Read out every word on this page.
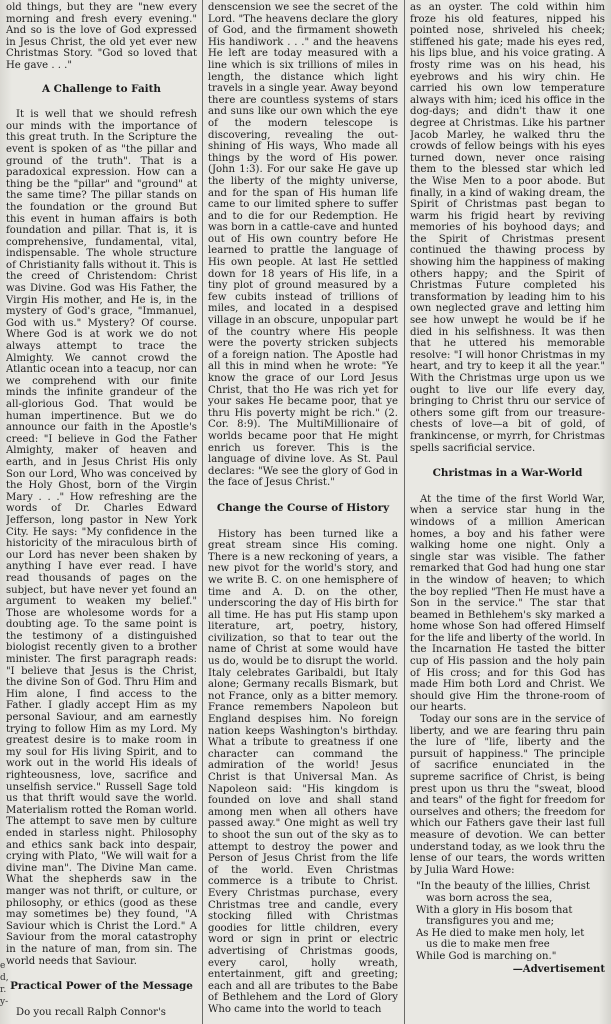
e
d,
r.
y-

old things, but they are "new every morning and fresh every evening." And so is the love of God expressed in Jesus Christ, the old yet ever new Christmas Story. "God so loved that He gave . . ."

A Challenge to Faith

It is well that we should refresh our minds with the importance of this great truth. In the Scripture the event is spoken of as "the pillar and ground of the truth". That is a paradoxical expression. How can a thing be the "pillar" and "ground" at the same time? The pillar stands on the foundation or the ground But this event in human affairs is both foundation and pillar. That is, it is comprehensive, fundamental, vital, indispensable. The whole structure of Christianity falls without it. This is the creed of Christendom: Christ was Divine. God was His Father, the Virgin His mother, and He is, in the mystery of God's grace, "Immanuel, God with us." Mystery? Of course. Where God is at work we do not always attempt to trace the Almighty. We cannot crowd the Atlantic ocean into a teacup, nor can we comprehend with our finite minds the infinite grandeur of the all-glorious God. That would be human impertinence. But we do announce our faith in the Apostle's creed: "I believe in God the Father Almighty, maker of heaven and earth, and in Jesus Christ His only Son our Lord, Who was conceived by the Holy Ghost, born of the Virgin Mary . . ." How refreshing are the words of Dr. Charles Edward Jefferson, long pastor in New York City. He says: "My confidence in the historicity of the miraculous birth of our Lord has never been shaken by anything I have ever read. I have read thousands of pages on the subject, but have never yet found an argument to weaken my belief." Those are wholesome words for a doubting age. To the same point is the testimony of a distinguished biologist recently given to a brother minister. The first paragraph reads: "I believe that Jesus is the Christ, the divine Son of God. Thru Him and Him alone, I find access to the Father. I gladly accept Him as my personal Saviour, and am earnestly trying to follow Him as my Lord. My greatest desire is to make room in my soul for His living Spirit, and to work out in the world His ideals of righteousness, love, sacrifice and unselfish service." Russell Sage told us that thrift would save the world. Materialism rotted the Roman world. The attempt to save men by culture ended in starless night. Philosophy and ethics sank back into despair, crying with Plato, "We will wait for a divine man". The Divine Man came. What the shepherds saw in the manger was not thrift, or culture, or philosophy, or ethics (good as these may sometimes be) they found, "A Saviour which is Christ the Lord." A Saviour from the moral catastrophy in the nature of man, from sin. The world needs that Saviour.

Practical Power of the Message

Do you recall Ralph Connor's

denscension we see the secret of the Lord. "The heavens declare the glory of God, and the firmament showeth His handiwork . . ." and the heavens He left are today measured with a line which is six trillions of miles in length, the distance which light travels in a single year. Away beyond there are countless systems of stars and suns like our own which the eye of the modern telescope is discovering, revealing the out-shining of His ways, Who made all things by the word of His power. (John 1:3). For our sake He gave up the liberty of the mighty universe, and for the span of His human life came to our limited sphere to suffer and to die for our Redemption. He was born in a cattle-cave and hunted out of His own country before He learned to prattle the language of His own people. At last He settled down for 18 years of His life, in a tiny plot of ground measured by a few cubits instead of trillions of miles, and located in a despised village in an obscure, unpopular part of the country where His people were the poverty stricken subjects of a foreign nation. The Apostle had all this in mind when he wrote: "Ye know the grace of our Lord Jesus Christ, that tho He was rich yet for your sakes He became poor, that ye thru His poverty might be rich." (2. Cor. 8:9). The MultiMillionaire of worlds became poor that He might enrich us forever. This is the language of divine love. As St. Paul declares: "We see the glory of God in the face of Jesus Christ."

Change the Course of History

History has been turned like a great stream since His coming. There is a new reckoning of years, a new pivot for the world's story, and we write B. C. on one hemisphere of time and A. D. on the other, underscoring the day of His birth for all time. He has put His stamp upon literature, art, poetry, history, civilization, so that to tear out the name of Christ at some would have us do, would be to disrupt the world. Italy celebrates Garibaldi, but Italy alone; Germany recalls Bismark, but not France, only as a bitter memory. France remembers Napoleon but England despises him. No foreign nation keeps Washington's birthday. What a tribute to greatness if one character can command the admiration of the world! Jesus Christ is that Universal Man. As Napoleon said: "His kingdom is founded on love and shall stand among men when all others have passed away." One might as well try to shoot the sun out of the sky as to attempt to destroy the power and Person of Jesus Christ from the life of the world. Even Christmas commerce is a tribute to Christ. Every Christmas purchase, every Christmas tree and candle, every stocking filled with Christmas goodies for little children, every word or sign in print or electric advertising of Christmas goods, every carol, holly wreath, entertainment, gift and greeting; each and all are tributes to the Babe of Bethlehem and the Lord of Glory Who came into the world to teach

as an oyster. The cold within him froze his old features, nipped his pointed nose, shriveled his cheek; stiffened his gate; made his eyes red, his lips blue, and his voice grating. A frosty rime was on his head, his eyebrows and his wiry chin. He carried his own low temperature always with him; iced his office in the dog-days; and didn't thaw it one degree at Christmas. Like his partner Jacob Marley, he walked thru the crowds of fellow beings with his eyes turned down, never once raising them to the blessed star which led the Wise Men to a poor abode. But finally, in a kind of waking dream, the Spirit of Christmas past began to warm his frigid heart by reviving memories of his boyhood days; and the Spirit of Christmas present continued the thawing process by showing him the happiness of making others happy; and the Spirit of Christmas Future completed his transformation by leading him to his own neglected grave and letting him see how unwept he would be if he died in his selfishness. It was then that he uttered his memorable resolve: "I will honor Christmas in my heart, and try to keep it all the year." With the Christmas urge upon us we ought to live our life every day, bringing to Christ thru our service of others some gift from our treasure-chests of love—a bit of gold, of frankincense, or myrrh, for Christmas spells sacrificial service.

Christmas in a War-World

At the time of the first World War, when a service star hung in the windows of a million American homes, a boy and his father were walking home one night. Only a single star was visible. The father remarked that God had hung one star in the window of heaven; to which the boy replied "Then He must have a Son in the service." The star that beamed in Bethlehem's sky marked a home whose Son had offered Himself for the life and liberty of the world. In the Incarnation He tasted the bitter cup of His passion and the holy pain of His cross; and for this God has made Him both Lord and Christ. We should give Him the throne-room of our hearts.

Today our sons are in the service of liberty, and we are fearing thru pain the lure of "life, liberty and the pursuit of happiness." The principle of sacrifice enunciated in the supreme sacrifice of Christ, is being prest upon us thru the "sweat, blood and tears" of the fight for freedom for ourselves and others; the freedom for which our Fathers gave their last full measure of devotion. We can better understand today, as we look thru the lense of our tears, the words written by Julia Ward Howe:

"In the beauty of the lillies, Christ
was born across the sea,
With a glory in His bosom that
transfigures you and me;
As He died to make men holy, let
us die to make men free
While God is marching on."
—Advertisement
